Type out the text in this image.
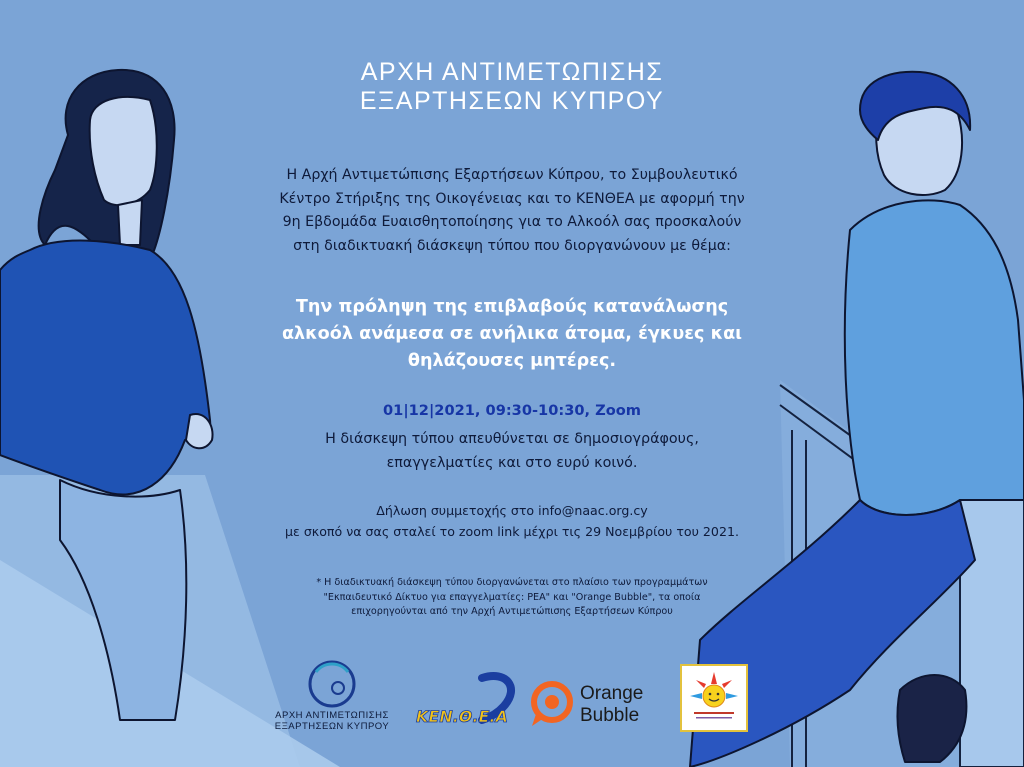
ΑΡΧΗ ΑΝΤΙΜΕΤΩΠΙΣΗΣ
ΕΞΑΡΤΗΣΕΩΝ ΚΥΠΡΟΥ
Η Αρχή Αντιμετώπισης Εξαρτήσεων Κύπρου, το Συμβουλευτικό
Κέντρο Στήριξης της Οικογένειας και το ΚΕΝΘΕΑ με αφορμή την
9η Εβδομάδα Ευαισθητοποίησης για το Αλκοόλ σας προσκαλούν
στη διαδικτυακή διάσκεψη τύπου που διοργανώνουν με θέμα:
Την πρόληψη της επιβλαβούς κατανάλωσης
αλκοόλ ανάμεσα σε ανήλικα άτομα, έγκυες και
θηλάζουσες μητέρες.
01|12|2021, 09:30-10:30, Zoom
Η διάσκεψη τύπου απευθύνεται σε δημοσιογράφους,
επαγγελματίες και στο ευρύ κοινό.
Δήλωση συμμετοχής στο info@naac.org.cy
με σκοπό να σας σταλεί το zoom link μέχρι τις 29 Νοεμβρίου του 2021.
* Η διαδικτυακή διάσκεψη τύπου διοργανώνεται στο πλαίσιο των προγραμμάτων
"Εκπαιδευτικό Δίκτυο για επαγγελματίες: PEA" και "Orange Bubble", τα οποία
επιχορηγούνται από την Αρχή Αντιμετώπισης Εξαρτήσεων Κύπρου
ΑΡΧΗ ΑΝΤΙΜΕΤΩΠΙΣΗΣ
ΕΞΑΡΤΗΣΕΩΝ ΚΥΠΡΟΥ
ΚΕΝ.Θ.Ε.Α
Orange
Bubble
